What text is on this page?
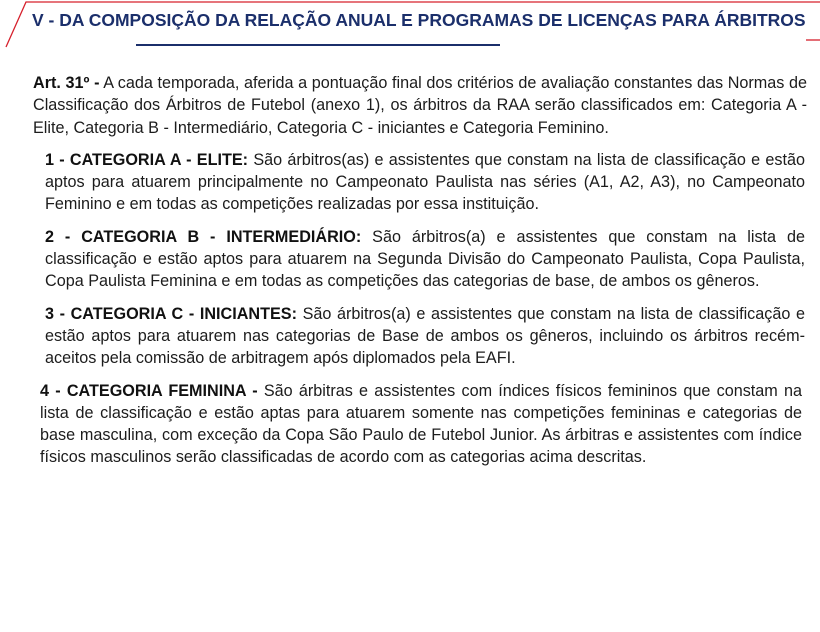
V - DA COMPOSIÇÃO DA RELAÇÃO ANUAL E PROGRAMAS DE LICENÇAS PARA ÁRBITROS

Art. 31º - A cada temporada, aferida a pontuação final dos critérios de avaliação constantes das Normas de Classificação dos Árbitros de Futebol (anexo 1), os árbitros da RAA serão classificados em: Categoria A - Elite, Categoria B - Intermediário, Categoria C - iniciantes e Categoria Feminino.

1 - CATEGORIA A - ELITE: São árbitros(as) e assistentes que constam na lista de classificação e estão aptos para atuarem principalmente no Campeonato Paulista nas séries (A1, A2, A3), no Campeonato Feminino e em todas as competições realizadas por essa instituição.

2 - CATEGORIA B - INTERMEDIÁRIO: São árbitros(a) e assistentes que constam na lista de classificação e estão aptos para atuarem na Segunda Divisão do Campeonato Paulista, Copa Paulista, Copa Paulista Feminina e em todas as competições das categorias de base, de ambos os gêneros.

3 - CATEGORIA C - INICIANTES: São árbitros(a) e assistentes que constam na lista de classificação e estão aptos para atuarem nas categorias de Base de ambos os gêneros, incluindo os árbitros recém-aceitos pela comissão de arbitragem após diplomados pela EAFI.

4 - CATEGORIA FEMININA - São árbitras e assistentes com índices físicos femininos que constam na lista de classificação e estão aptas para atuarem somente nas competições femininas e categorias de base masculina, com exceção da Copa São Paulo de Futebol Junior. As árbitras e assistentes com índice físicos masculinos serão classificadas de acordo com as categorias acima descritas.
